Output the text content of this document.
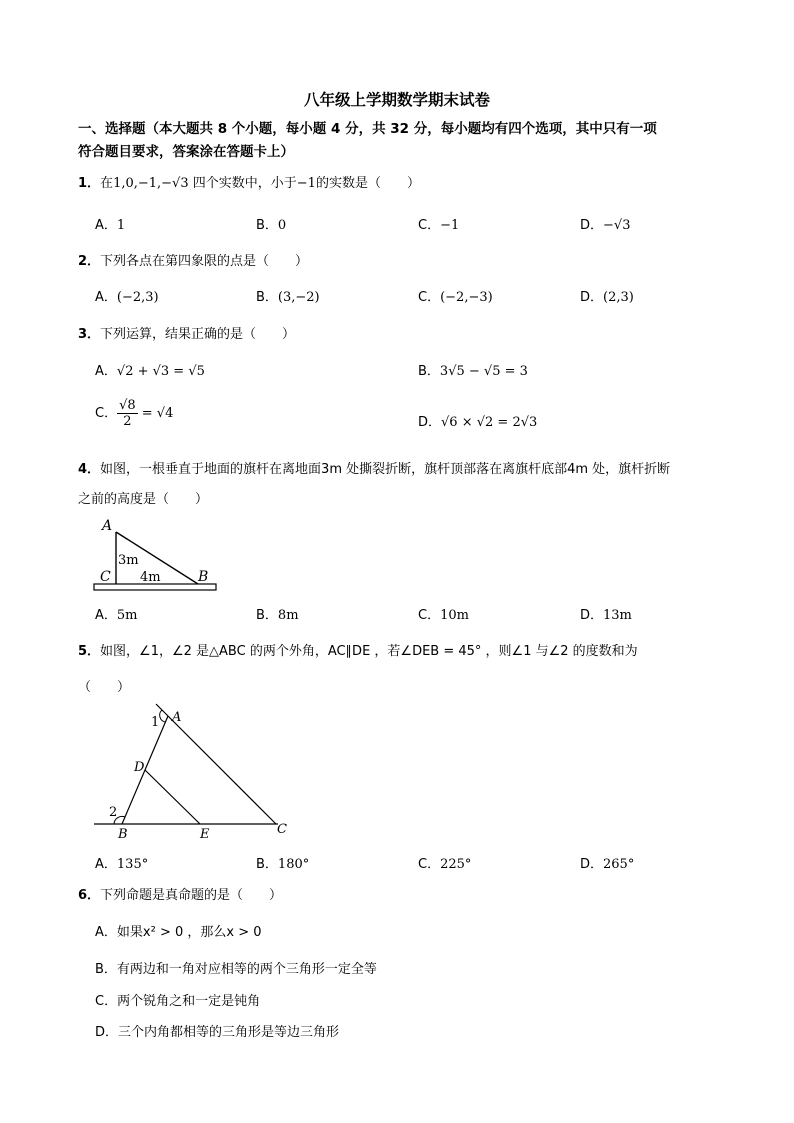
八年级上学期数学期末试卷
一、选择题（本大题共 8 个小题，每小题 4 分，共 32 分，每小题均有四个选项，其中只有一项
符合题目要求，答案涂在答题卡上）
1．在1,0,−1,−√3 四个实数中，小于−1的实数是（　　）
A．1	B．0	C．−1	D．−√3
2．下列各点在第四象限的点是（　　）
A．(−2,3)	B．(3,−2)	C．(−2,−3)	D．(2,3)
3．下列运算，结果正确的是（　　）
A．√2 + √3 = √5	B．3√5 − √5 = 3
C． $\frac{√8}{2} = √4$
D．√6 × √2 = 2√3
4．如图，一根垂直于地面的旗杆在离地面3m 处撕裂折断，旗杆顶部落在离旗杆底部4m 处，旗杆折断
之前的高度是（　　）
A
C	B
3m
4m
A．5m	B．8m	C．10m	D．13m
5．如图，∠1，∠2 是△ABC 的两个外角，AC∥DE ，若∠DEB = 45° ，则∠1 与∠2 的度数和为
（　　）
A
1
D
2
B	E	C
A．135°	B．180°	C．225°	D．265°
6．下列命题是真命题的是（　　）
A．如果x² > 0 ，那么x > 0
B．有两边和一角对应相等的两个三角形一定全等
C．两个锐角之和一定是钝角
D．三个内角都相等的三角形是等边三角形
